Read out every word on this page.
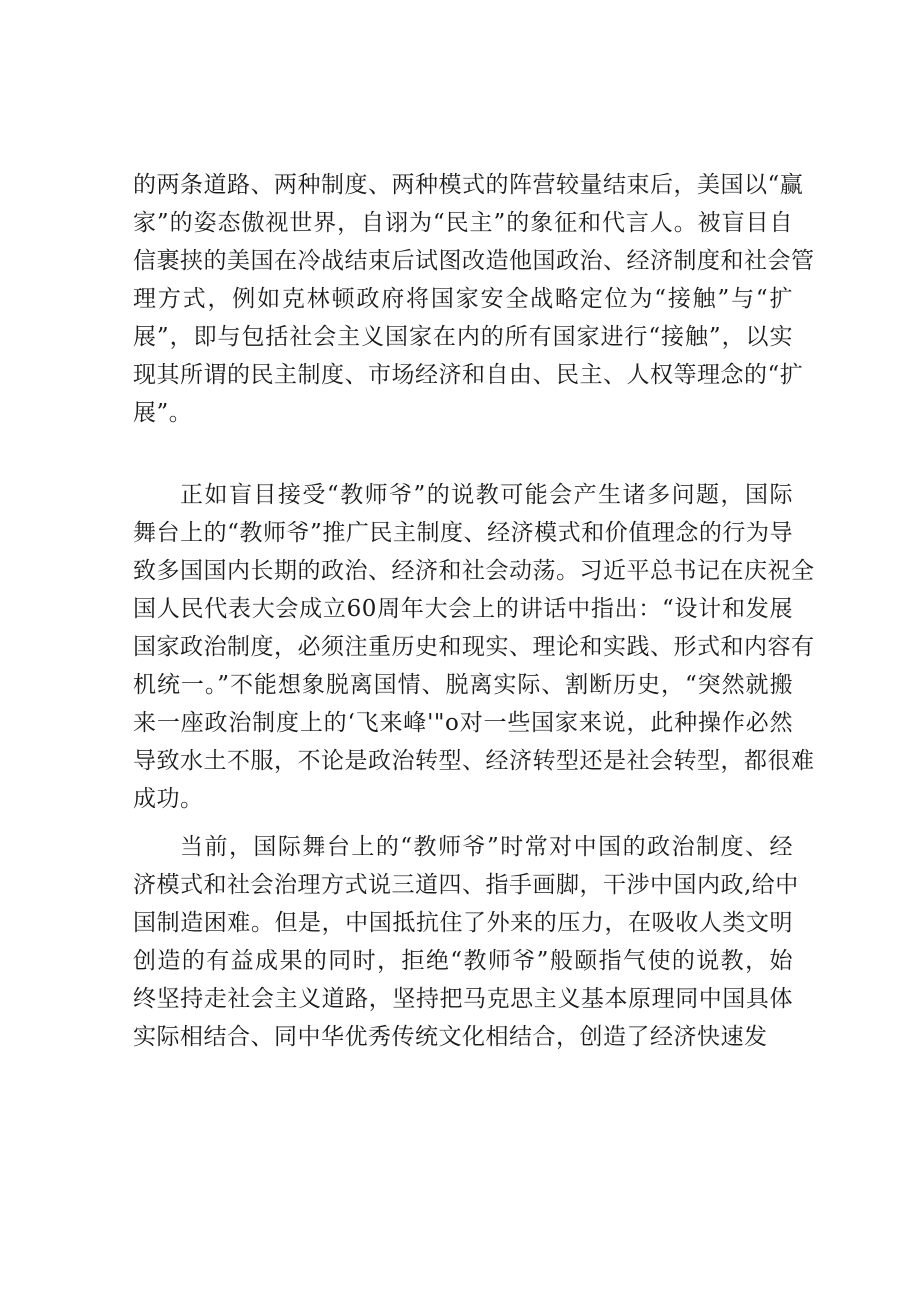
的两条道路、两种制度、两种模式的阵营较量结束后，美国以“赢
家”的姿态傲视世界，自诩为“民主”的象征和代言人。被盲目自
信裹挟的美国在冷战结束后试图改造他国政治、经济制度和社会管
理方式，例如克林顿政府将国家安全战略定位为“接触”与“扩
展”，即与包括社会主义国家在内的所有国家进行“接触”，以实
现其所谓的民主制度、市场经济和自由、民主、人权等理念的“扩
展”。
正如盲目接受“教师爷”的说教可能会产生诸多问题，国际
舞台上的“教师爷”推广民主制度、经济模式和价值理念的行为导
致多国国内长期的政治、经济和社会动荡。习近平总书记在庆祝全
国人民代表大会成立60周年大会上的讲话中指出：“设计和发展
国家政治制度，必须注重历史和现实、理论和实践、形式和内容有
机统一。”不能想象脱离国情、脱离实际、割断历史，“突然就搬
来一座政治制度上的‘飞来峰'"o对一些国家来说，此种操作必然
导致水土不服，不论是政治转型、经济转型还是社会转型，都很难
成功。
当前，国际舞台上的“教师爷”时常对中国的政治制度、经
济模式和社会治理方式说三道四、指手画脚，干涉中国内政,给中
国制造困难。但是，中国抵抗住了外来的压力，在吸收人类文明
创造的有益成果的同时，拒绝“教师爷”般颐指气使的说教，始
终坚持走社会主义道路，坚持把马克思主义基本原理同中国具体
实际相结合、同中华优秀传统文化相结合，创造了经济快速发
